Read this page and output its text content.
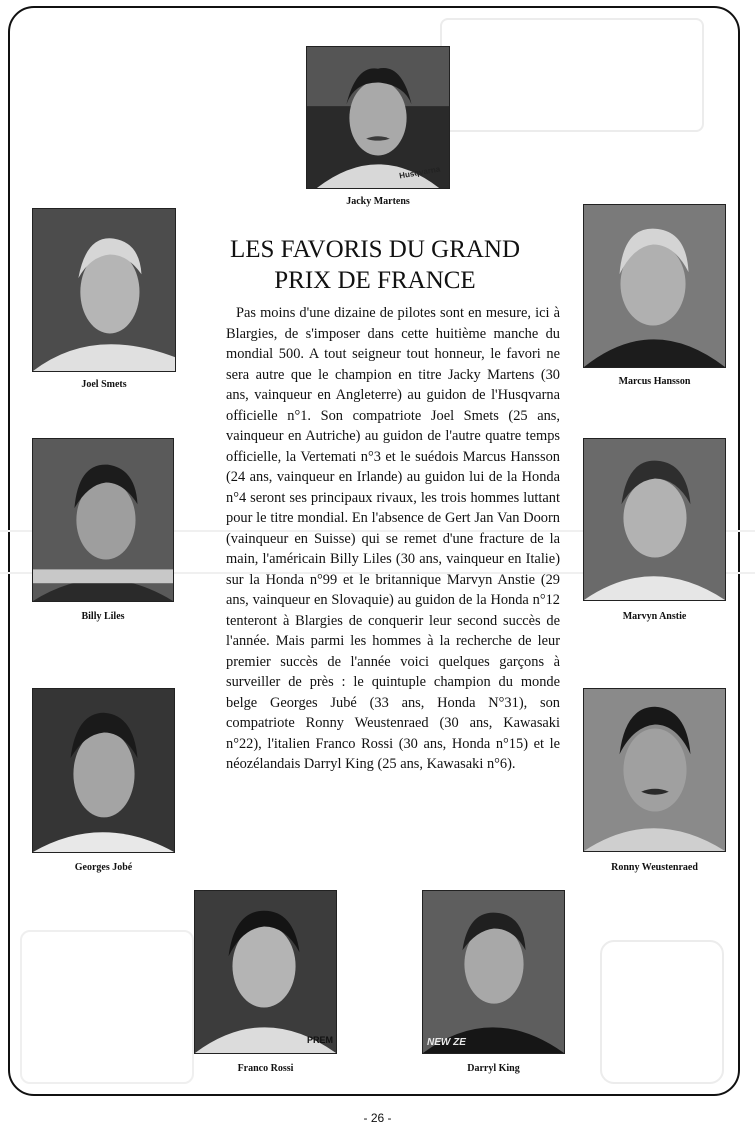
Husqvarna
Jacky Martens
Joel Smets	Marcus Hansson
Billy Liles	Marvyn Anstie
Georges Jobé	Ronny Weustenraed
PREM
Franco Rossi
NEW ZE
Darryl King
LES FAVORIS DU GRAND
PRIX DE FRANCE

Pas moins d'une dizaine de pilotes sont en mesure, ici à Blargies, de s'imposer dans cette huitième manche du mondial 500. A tout seigneur tout honneur, le favori ne sera autre que le champion en titre Jacky Martens (30 ans, vainqueur en Angleterre) au guidon de l'Husqvarna officielle n°1. Son compatriote Joel Smets (25 ans, vainqueur en Autriche) au guidon de l'autre quatre temps officielle, la Vertemati n°3 et le suédois Marcus Hansson (24 ans, vainqueur en Irlande) au guidon lui de la Honda n°4 seront ses principaux rivaux, les trois hommes luttant pour le titre mondial. En l'absence de Gert Jan Van Doorn (vainqueur en Suisse) qui se remet d'une fracture de la main, l'américain Billy Liles (30 ans, vainqueur en Italie) sur la Honda n°99 et le britannique Marvyn Anstie (29 ans, vainqueur en Slovaquie) au guidon de la Honda n°12 tenteront à Blargies de conquerir leur second succès de l'année. Mais parmi les hommes à la recherche de leur premier succès de l'année voici quelques garçons à surveiller de près : le quintuple champion du monde belge Georges Jubé (33 ans, Honda N°31), son compatriote Ronny Weustenraed (30 ans, Kawasaki n°22), l'italien Franco Rossi (30 ans, Honda n°15) et le néozélandais Darryl King (25 ans, Kawasaki n°6).

- 26 -
